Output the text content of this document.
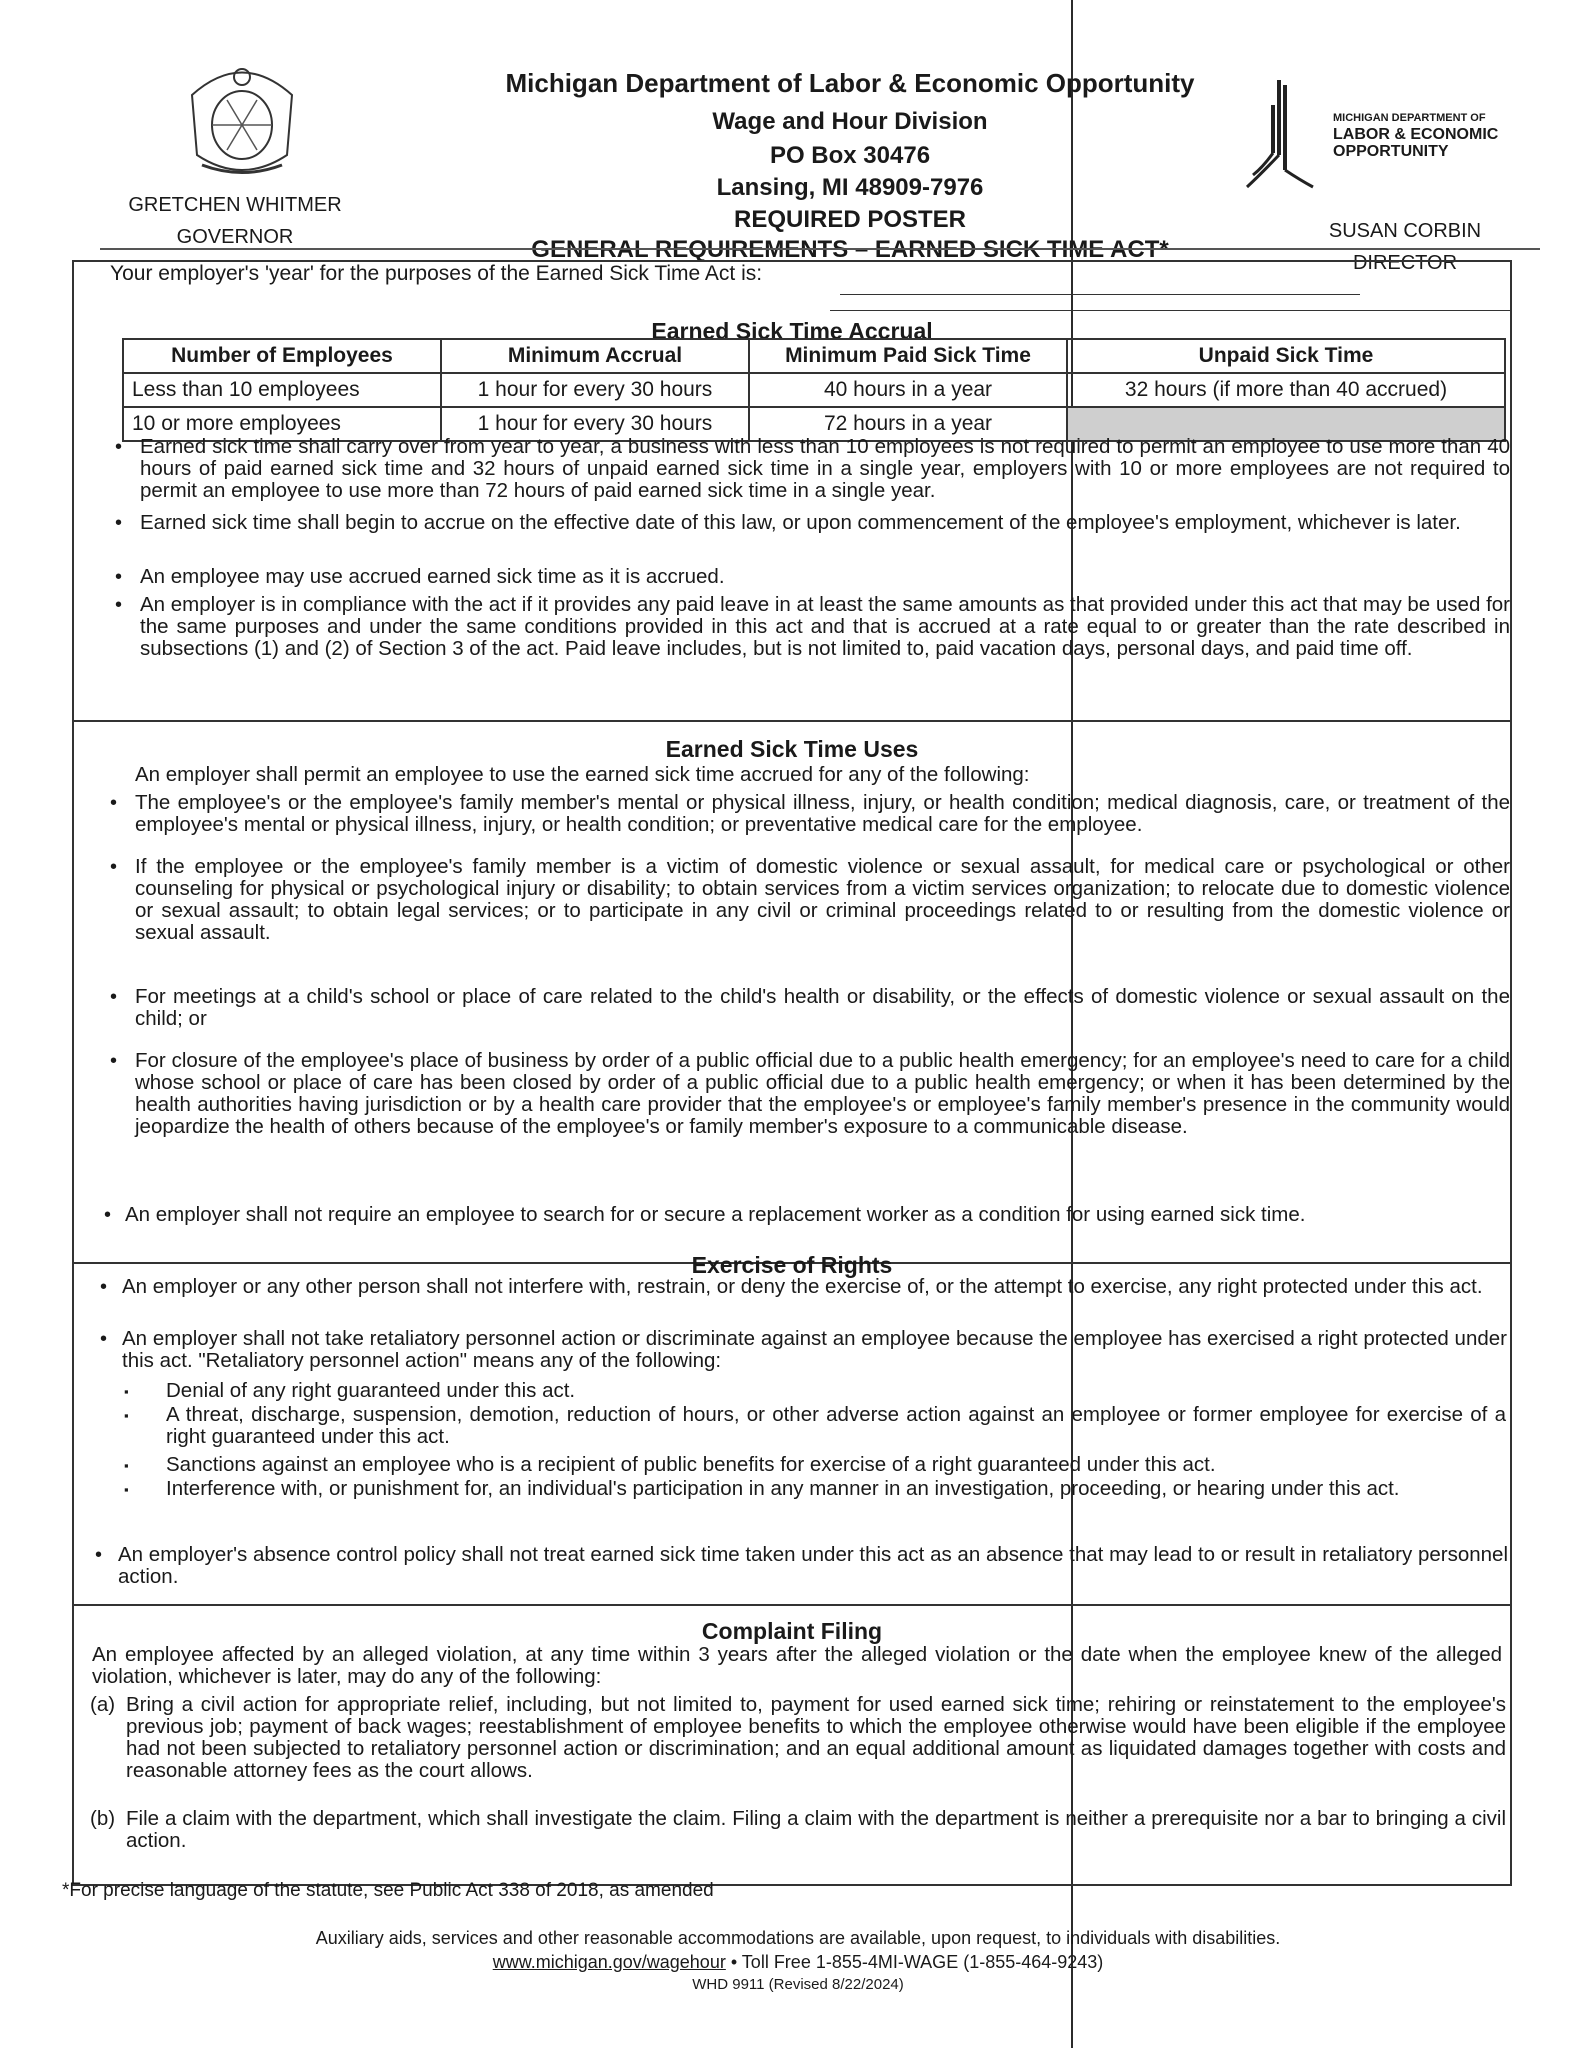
GRETCHEN WHITMER
GOVERNOR
Michigan Department of Labor & Economic Opportunity
Wage and Hour Division
PO Box 30476
Lansing, MI 48909-7976
REQUIRED POSTER
GENERAL REQUIREMENTS – EARNED SICK TIME ACT*
MICHIGAN DEPARTMENT OF
LABOR & ECONOMIC
OPPORTUNITY
SUSAN CORBIN
DIRECTOR
Your employer's 'year' for the purposes of the Earned Sick Time Act is:
Earned Sick Time Accrual
Number of Employees	Minimum Accrual	Minimum Paid Sick Time	Unpaid Sick Time
Less than 10 employees	1 hour for every 30 hours	40 hours in a year	32 hours (if more than 40 accrued)
10 or more employees	1 hour for every 30 hours	72 hours in a year	
• Earned sick time shall carry over from year to year, a business with less than 10 employees is not required to permit an employee to use more than 40 hours of paid earned sick time and 32 hours of unpaid earned sick time in a single year, employers with 10 or more employees are not required to permit an employee to use more than 72 hours of paid earned sick time in a single year.
• Earned sick time shall begin to accrue on the effective date of this law, or upon commencement of the employee's employment, whichever is later.
• An employee may use accrued earned sick time as it is accrued.
• An employer is in compliance with the act if it provides any paid leave in at least the same amounts as that provided under this act that may be used for the same purposes and under the same conditions provided in this act and that is accrued at a rate equal to or greater than the rate described in subsections (1) and (2) of Section 3 of the act. Paid leave includes, but is not limited to, paid vacation days, personal days, and paid time off.
Earned Sick Time Uses
An employer shall permit an employee to use the earned sick time accrued for any of the following:
• The employee's or the employee's family member's mental or physical illness, injury, or health condition; medical diagnosis, care, or treatment of the employee's mental or physical illness, injury, or health condition; or preventative medical care for the employee.
• If the employee or the employee's family member is a victim of domestic violence or sexual assault, for medical care or psychological or other counseling for physical or psychological injury or disability; to obtain services from a victim services organization; to relocate due to domestic violence or sexual assault; to obtain legal services; or to participate in any civil or criminal proceedings related to or resulting from the domestic violence or sexual assault.
• For meetings at a child's school or place of care related to the child's health or disability, or the effects of domestic violence or sexual assault on the child; or
• For closure of the employee's place of business by order of a public official due to a public health emergency; for an employee's need to care for a child whose school or place of care has been closed by order of a public official due to a public health emergency; or when it has been determined by the health authorities having jurisdiction or by a health care provider that the employee's or employee's family member's presence in the community would jeopardize the health of others because of the employee's or family member's exposure to a communicable disease.
• An employer shall not require an employee to search for or secure a replacement worker as a condition for using earned sick time.
Exercise of Rights
• An employer or any other person shall not interfere with, restrain, or deny the exercise of, or the attempt to exercise, any right protected under this act.
• An employer shall not take retaliatory personnel action or discriminate against an employee because the employee has exercised a right protected under this act. "Retaliatory personnel action" means any of the following:
▪ Denial of any right guaranteed under this act.
▪ A threat, discharge, suspension, demotion, reduction of hours, or other adverse action against an employee or former employee for exercise of a right guaranteed under this act.
▪ Sanctions against an employee who is a recipient of public benefits for exercise of a right guaranteed under this act.
▪ Interference with, or punishment for, an individual's participation in any manner in an investigation, proceeding, or hearing under this act.
• An employer's absence control policy shall not treat earned sick time taken under this act as an absence that may lead to or result in retaliatory personnel action.
Complaint Filing
An employee affected by an alleged violation, at any time within 3 years after the alleged violation or the date when the employee knew of the alleged violation, whichever is later, may do any of the following:
(a) Bring a civil action for appropriate relief, including, but not limited to, payment for used earned sick time; rehiring or reinstatement to the employee's previous job; payment of back wages; reestablishment of employee benefits to which the employee otherwise would have been eligible if the employee had not been subjected to retaliatory personnel action or discrimination; and an equal additional amount as liquidated damages together with costs and reasonable attorney fees as the court allows.
(b) File a claim with the department, which shall investigate the claim. Filing a claim with the department is neither a prerequisite nor a bar to bringing a civil action.
*For precise language of the statute, see Public Act 338 of 2018, as amended
Auxiliary aids, services and other reasonable accommodations are available, upon request, to individuals with disabilities.
www.michigan.gov/wagehour • Toll Free 1-855-4MI-WAGE (1-855-464-9243)
WHD 9911 (Revised 8/22/2024)
